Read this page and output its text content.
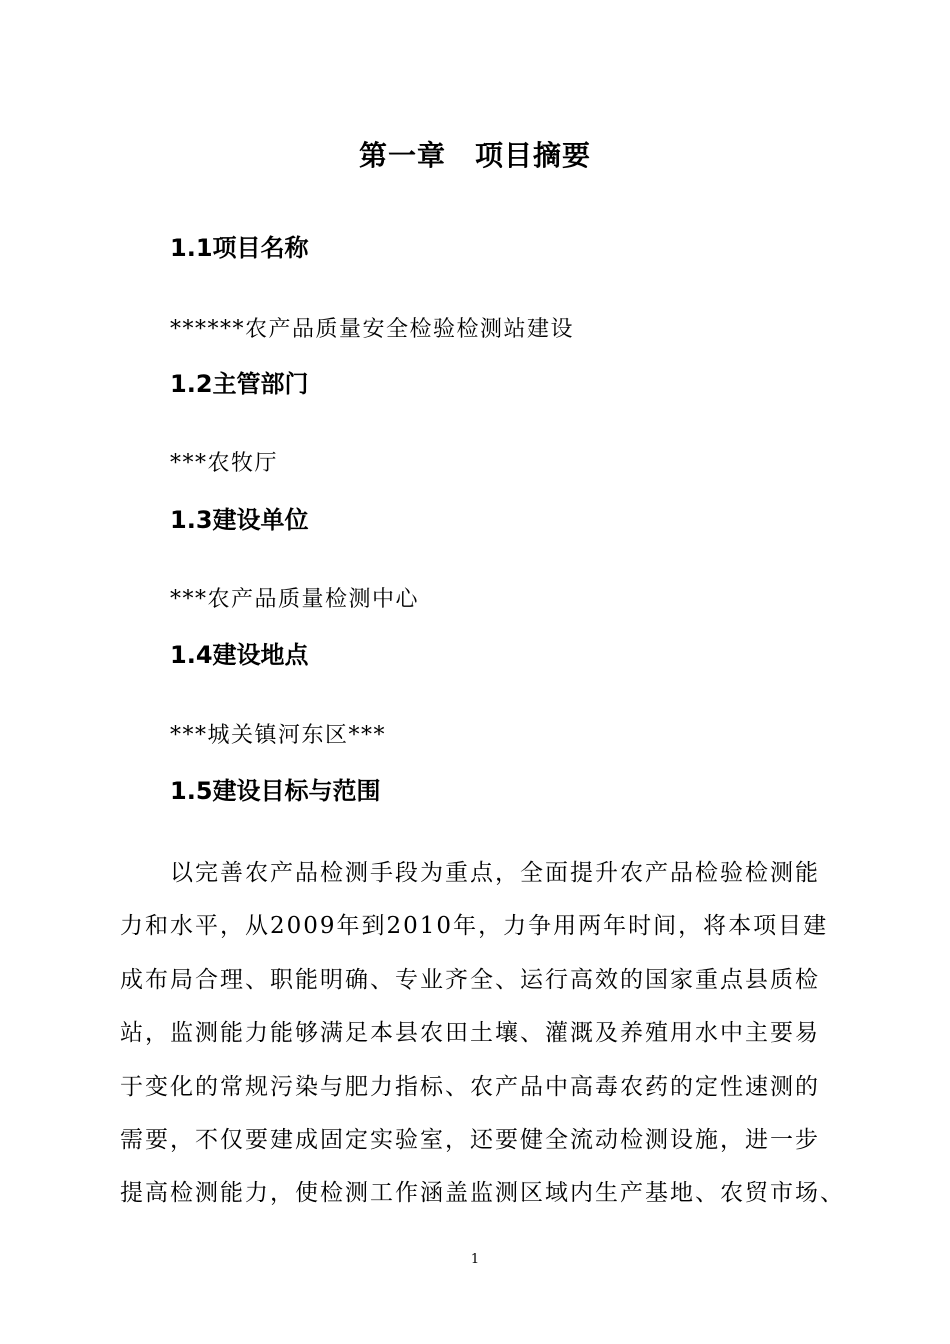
第一章　项目摘要
1.1项目名称
******农产品质量安全检验检测站建设
1.2主管部门
***农牧厅
1.3建设单位
***农产品质量检测中心
1.4建设地点
***城关镇河东区***
1.5建设目标与范围
以完善农产品检测手段为重点，全面提升农产品检验检测能
力和水平，从2009年到2010年，力争用两年时间，将本项目建
成布局合理、职能明确、专业齐全、运行高效的国家重点县质检
站，监测能力能够满足本县农田土壤、灌溉及养殖用水中主要易
于变化的常规污染与肥力指标、农产品中高毒农药的定性速测的
需要，不仅要建成固定实验室，还要健全流动检测设施，进一步
提高检测能力，使检测工作涵盖监测区域内生产基地、农贸市场、
1
